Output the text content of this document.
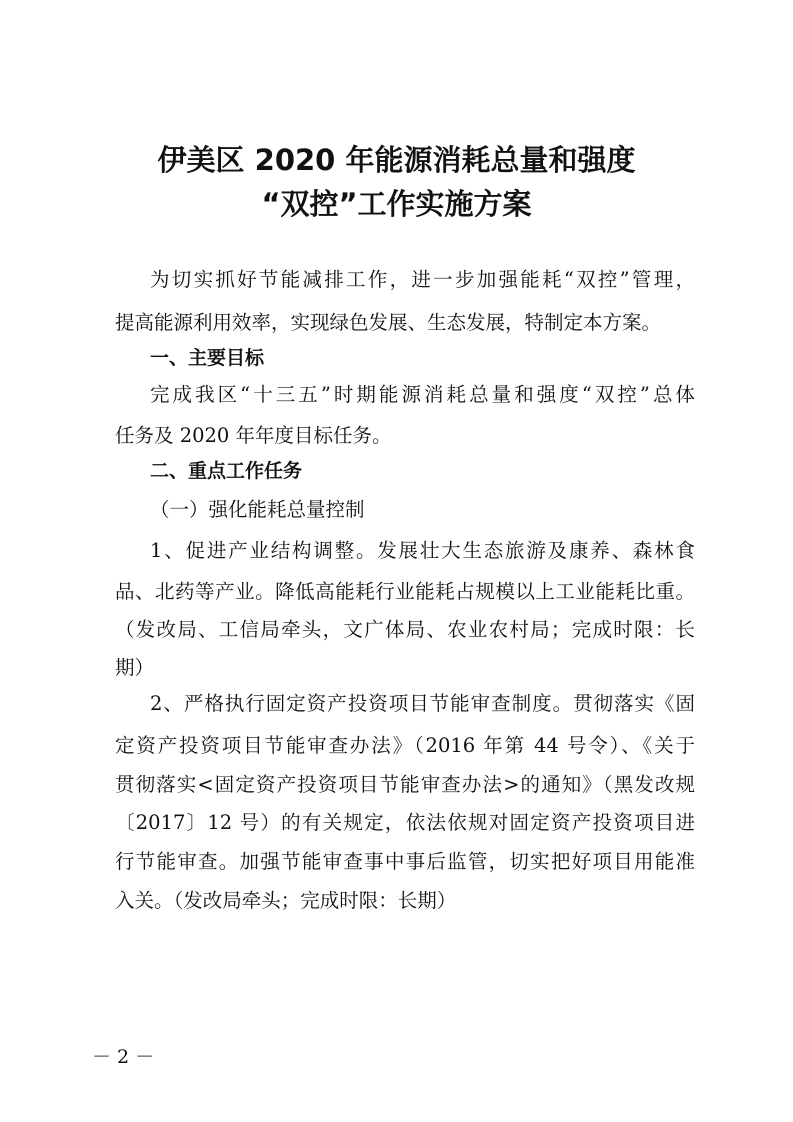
伊美区 2020 年能源消耗总量和强度
“双控”工作实施方案
为切实抓好节能减排工作，进一步加强能耗“双控”管理，
提高能源利用效率，实现绿色发展、生态发展，特制定本方案。
一、主要目标
完成我区“十三五”时期能源消耗总量和强度“双控”总体
任务及 2020 年年度目标任务。
二、重点工作任务
（一）强化能耗总量控制
1、促进产业结构调整。发展壮大生态旅游及康养、森林食
品、北药等产业。降低高能耗行业能耗占规模以上工业能耗比重。
（发改局、工信局牵头，文广体局、农业农村局；完成时限：长
期）
2、严格执行固定资产投资项目节能审查制度。贯彻落实《固
定资产投资项目节能审查办法》（2016 年第 44 号令）、《关于
贯彻落实<固定资产投资项目节能审查办法>的通知》（黑发改规
〔2017〕12 号）的有关规定，依法依规对固定资产投资项目进
行节能审查。加强节能审查事中事后监管，切实把好项目用能准
入关。（发改局牵头；完成时限：长期）
－ 2 －
